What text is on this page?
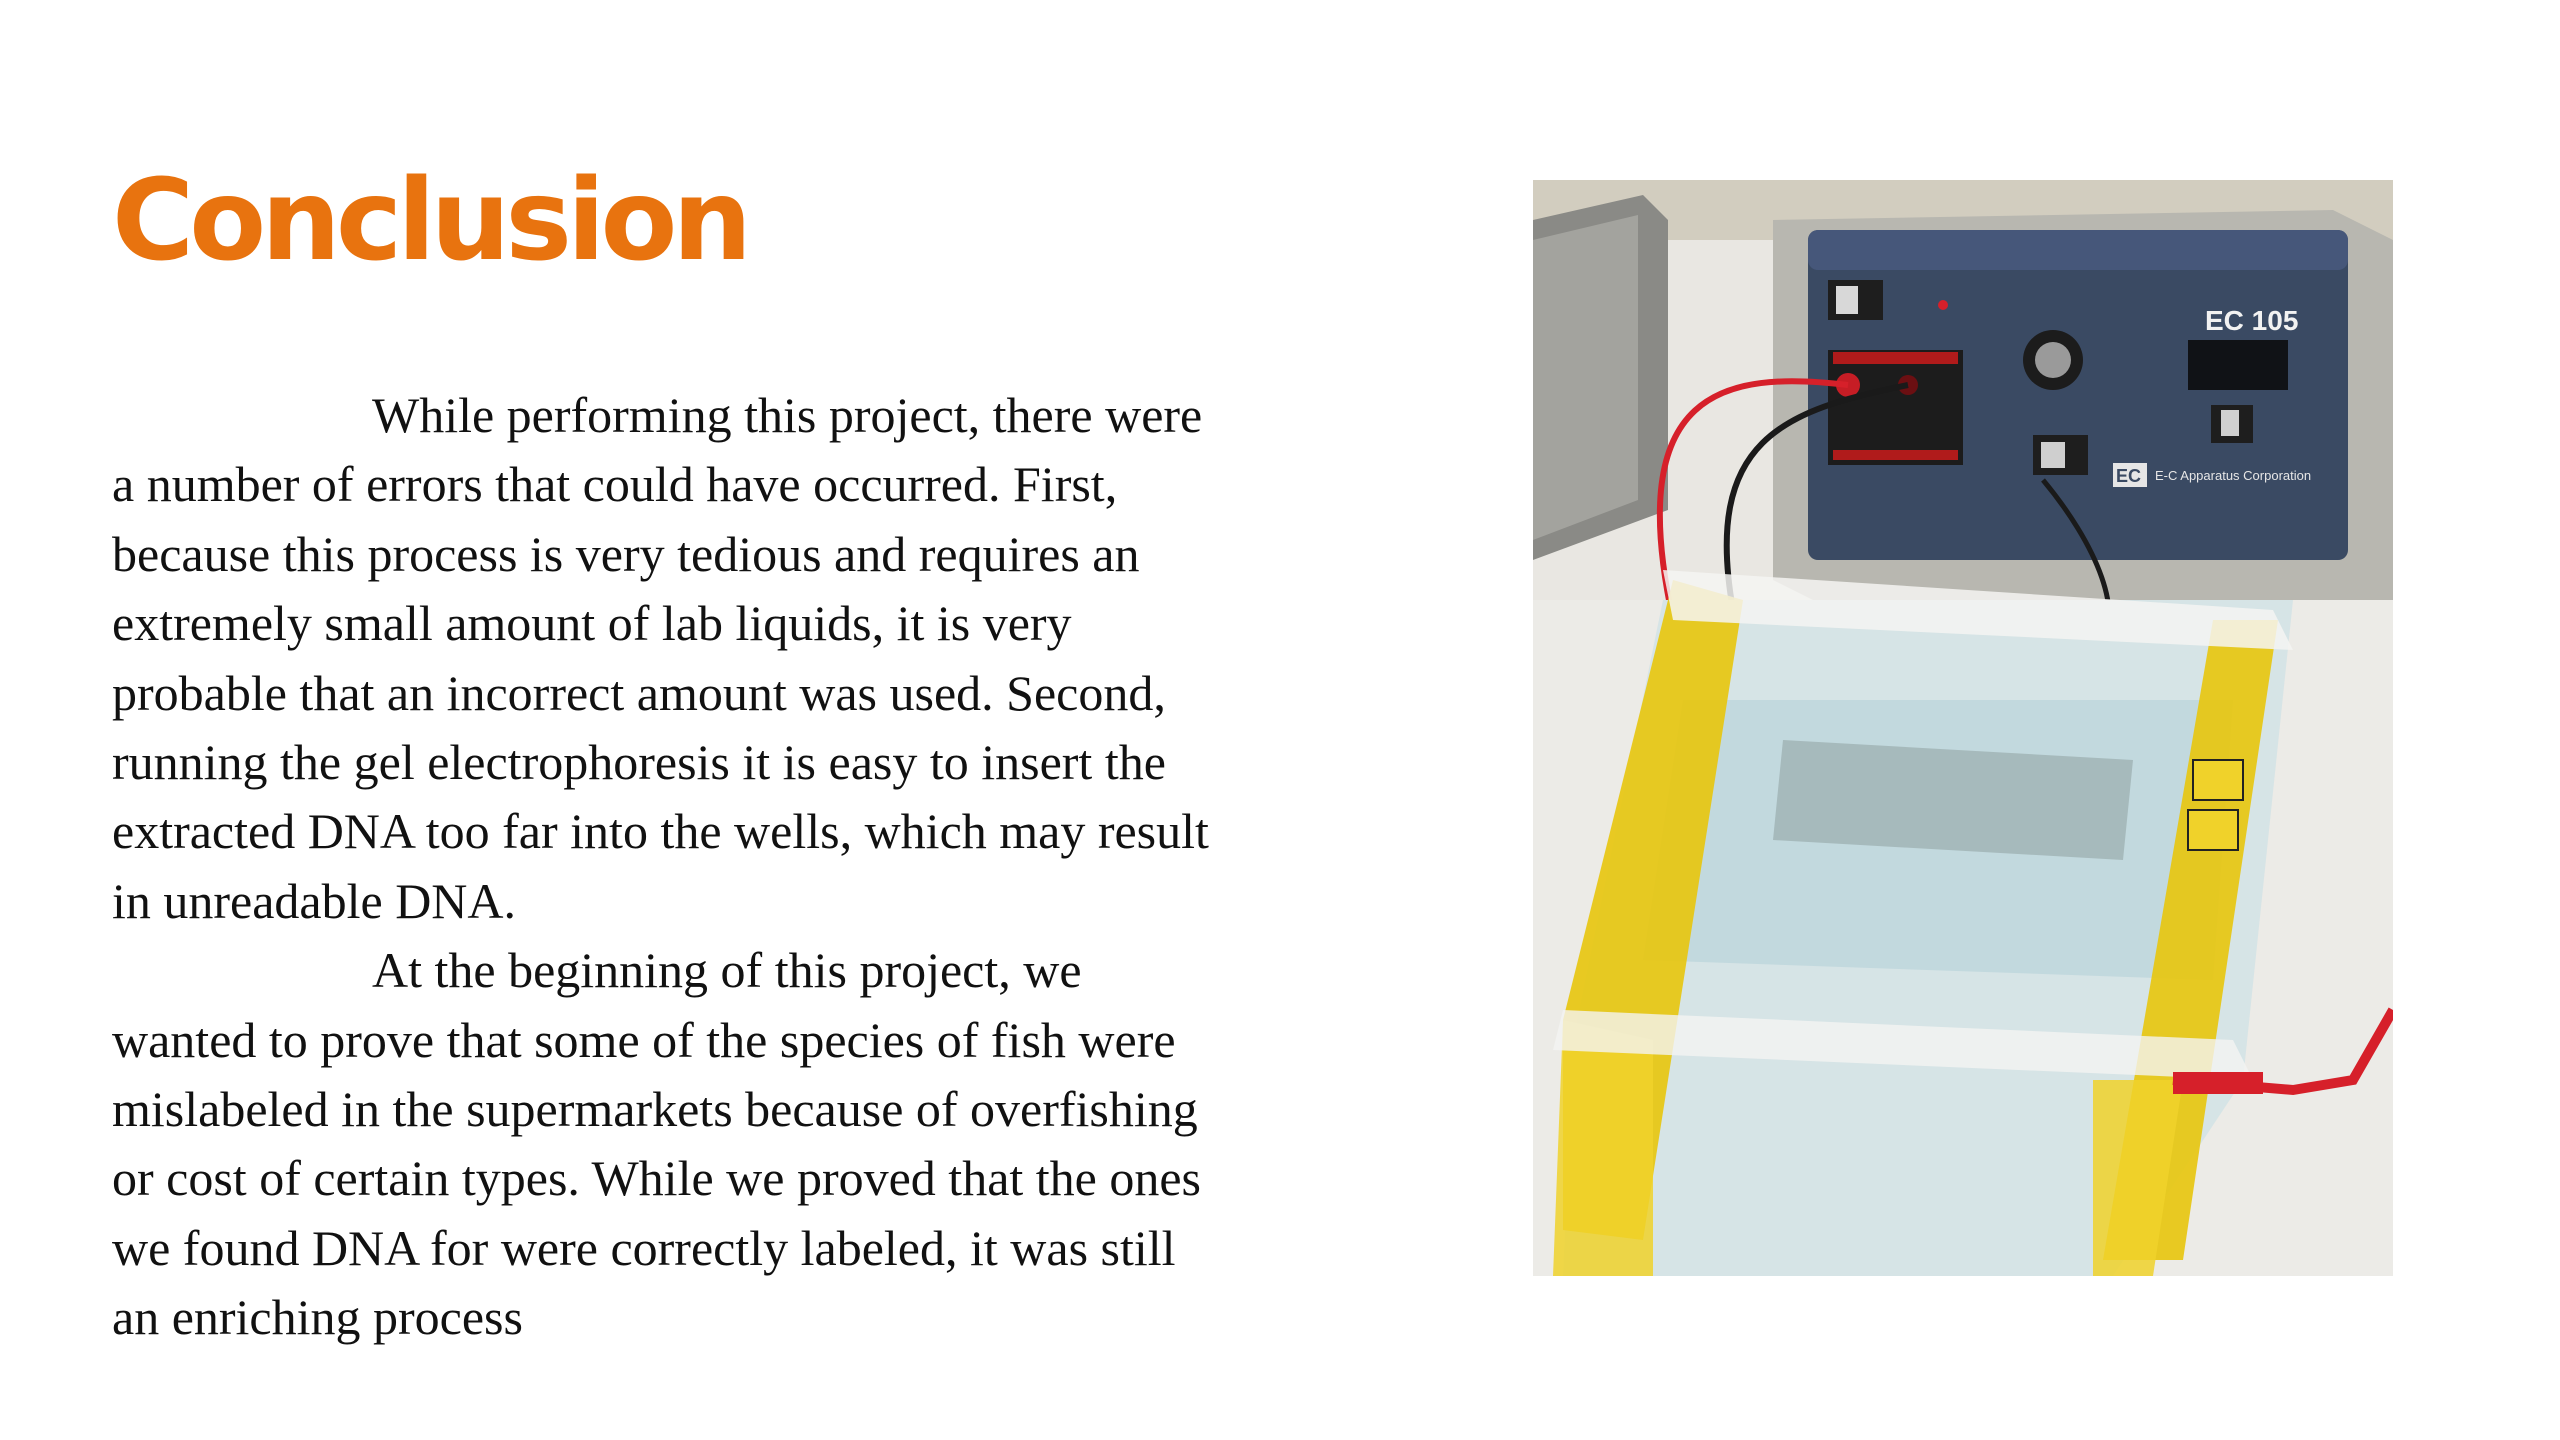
Conclusion

While performing this project, there were a number of errors that could have occurred. First, because this process is very tedious and requires an extremely small amount of lab liquids, it is very probable that an incorrect amount was used. Second, running the gel electrophoresis it is easy to insert the extracted DNA too far into the wells, which may result in unreadable DNA.

At the beginning of this project, we wanted to prove that some of the species of fish were mislabeled in the supermarkets because of overfishing or cost of certain types. While we proved that the ones we found DNA for were correctly labeled, it was still an enriching process

EC 105
EC E-C Apparatus Corporation
